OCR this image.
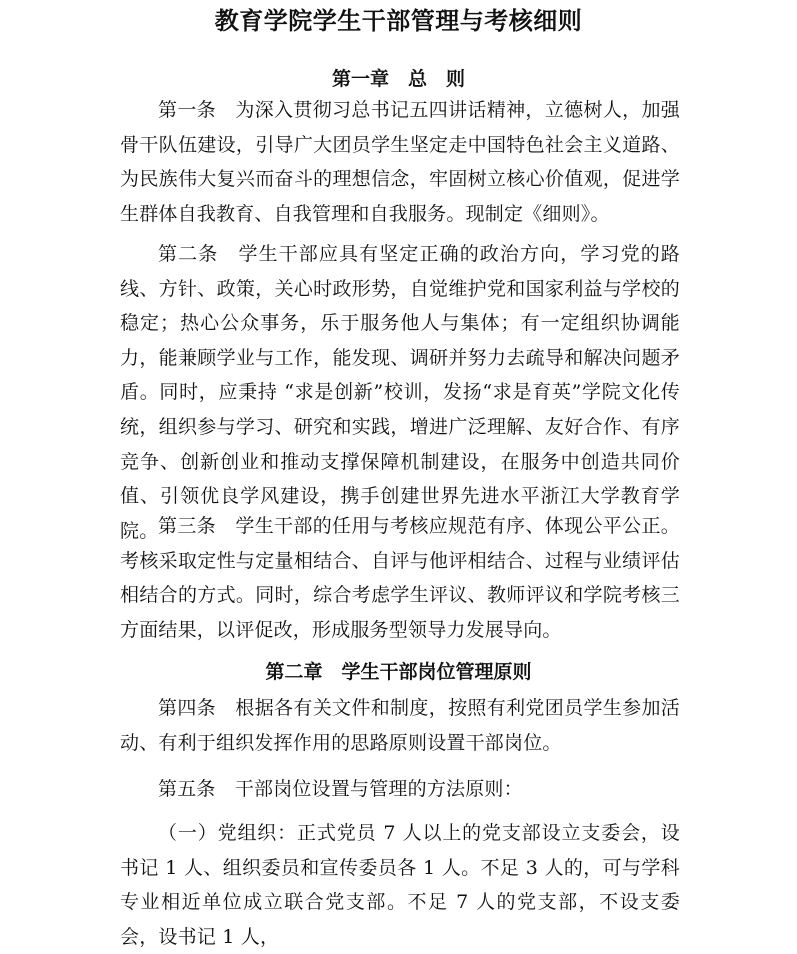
教育学院学生干部管理与考核细则
第一章　总　则

第一条　 为深入贯彻习总书记五四讲话精神，立德树人，加强骨干队伍建设，引导广大团员学生坚定走中国特色社会主义道路、为民族伟大复兴而奋斗的理想信念，牢固树立核心价值观，促进学生群体自我教育、自我管理和自我服务。现制定《细则》。

第二条　 学生干部应具有坚定正确的政治方向，学习党的路线、方针、政策，关心时政形势，自觉维护党和国家利益与学校的稳定；热心公众事务，乐于服务他人与集体；有一定组织协调能力，能兼顾学业与工作，能发现、调研并努力去疏导和解决问题矛盾。同时，应秉持 “求是创新”校训，发扬“求是育英”学院文化传统，组织参与学习、研究和实践，增进广泛理解、友好合作、有序竞争、创新创业和推动支撑保障机制建设，在服务中创造共同价值、引领优良学风建设，携手创建世界先进水平浙江大学教育学院。 第三条　 学生干部的任用与考核应规范有序、体现公平公正。考核采取定性与定量相结合、自评与他评相结合、过程与业绩评估相结合的方式。同时，综合考虑学生评议、教师评议和学院考核三方面结果，以评促改，形成服务型领导力发展导向。

第二章　学生干部岗位管理原则

第四条　 根据各有关文件和制度，按照有利党团员学生参加活动、有利于组织发挥作用的思路原则设置干部岗位。

第五条　 干部岗位设置与管理的方法原则：

（一）党组织：正式党员 7 人以上的党支部设立支委会，设书记 1 人、组织委员和宣传委员各 1 人。不足 3 人的，可与学科专业相近单位成立联合党支部。不足 7 人的党支部，不设支委会，设书记 1 人，
